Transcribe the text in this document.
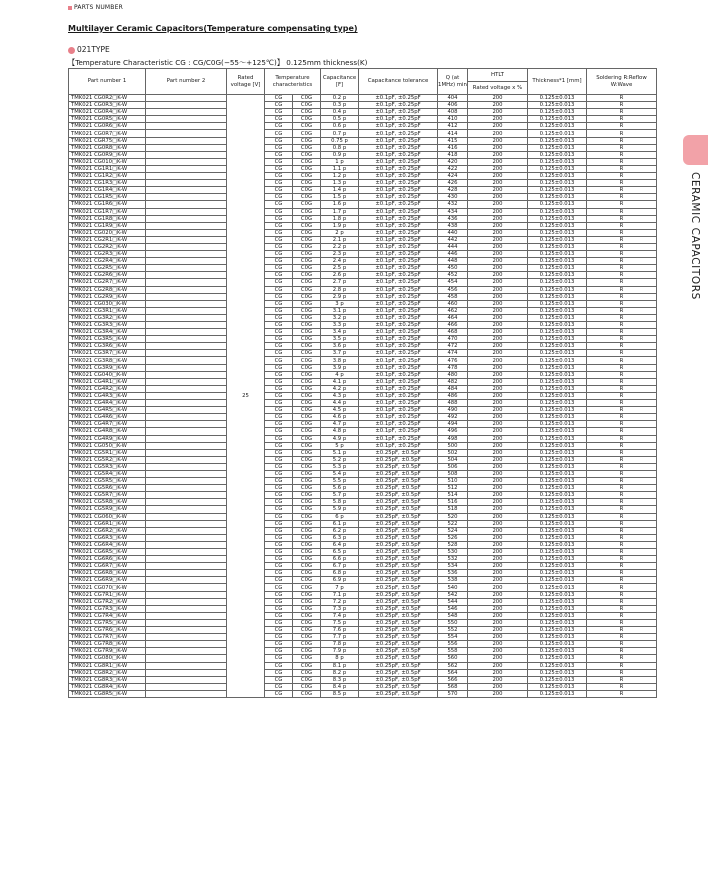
PARTS NUMBER
Multilayer Ceramic Capacitors(Temperature compensating type)
021TYPE
【Temperature Characteristic CG : CG/C0G(−55〜+125℃)】 0.125mm thickness(K)
CERAMIC CAPACITORS
Part number 1	Part number 2	Rated voltage [V]	Temperature characteristics		Capacitance [F]	Capacitance tolerance	Q (at 1MHz) min	HTLT	Thickness*1 [mm]	Soldering R:Reflow W:Wave
								Rated voltage x %		
TMK021 CG0R2□K-W		25	CG	C0G	0.2 p	±0.1pF, ±0.25pF	404	200	0.125±0.013	R
TMK021 CG0R3□K-W			CG	C0G	0.3 p	±0.1pF, ±0.25pF	406	200	0.125±0.013	R
TMK021 CG0R4□K-W			CG	C0G	0.4 p	±0.1pF, ±0.25pF	408	200	0.125±0.013	R
TMK021 CG0R5□K-W			CG	C0G	0.5 p	±0.1pF, ±0.25pF	410	200	0.125±0.013	R
TMK021 CG0R6□K-W			CG	C0G	0.6 p	±0.1pF, ±0.25pF	412	200	0.125±0.013	R
TMK021 CG0R7□K-W			CG	C0G	0.7 p	±0.1pF, ±0.25pF	414	200	0.125±0.013	R
TMK021 CGR75□K-W			CG	C0G	0.75 p	±0.1pF, ±0.25pF	415	200	0.125±0.013	R
TMK021 CG0R8□K-W			CG	C0G	0.8 p	±0.1pF, ±0.25pF	416	200	0.125±0.013	R
TMK021 CG0R9□K-W			CG	C0G	0.9 p	±0.1pF, ±0.25pF	418	200	0.125±0.013	R
TMK021 CG010□K-W			CG	C0G	1 p	±0.1pF, ±0.25pF	420	200	0.125±0.013	R
TMK021 CG1R1□K-W			CG	C0G	1.1 p	±0.1pF, ±0.25pF	422	200	0.125±0.013	R
TMK021 CG1R2□K-W			CG	C0G	1.2 p	±0.1pF, ±0.25pF	424	200	0.125±0.013	R
TMK021 CG1R3□K-W			CG	C0G	1.3 p	±0.1pF, ±0.25pF	426	200	0.125±0.013	R
TMK021 CG1R4□K-W			CG	C0G	1.4 p	±0.1pF, ±0.25pF	428	200	0.125±0.013	R
TMK021 CG1R5□K-W			CG	C0G	1.5 p	±0.1pF, ±0.25pF	430	200	0.125±0.013	R
TMK021 CG1R6□K-W			CG	C0G	1.6 p	±0.1pF, ±0.25pF	432	200	0.125±0.013	R
TMK021 CG1R7□K-W			CG	C0G	1.7 p	±0.1pF, ±0.25pF	434	200	0.125±0.013	R
TMK021 CG1R8□K-W			CG	C0G	1.8 p	±0.1pF, ±0.25pF	436	200	0.125±0.013	R
TMK021 CG1R9□K-W			CG	C0G	1.9 p	±0.1pF, ±0.25pF	438	200	0.125±0.013	R
TMK021 CG020□K-W			CG	C0G	2 p	±0.1pF, ±0.25pF	440	200	0.125±0.013	R
TMK021 CG2R1□K-W			CG	C0G	2.1 p	±0.1pF, ±0.25pF	442	200	0.125±0.013	R
TMK021 CG2R2□K-W			CG	C0G	2.2 p	±0.1pF, ±0.25pF	444	200	0.125±0.013	R
TMK021 CG2R3□K-W			CG	C0G	2.3 p	±0.1pF, ±0.25pF	446	200	0.125±0.013	R
TMK021 CG2R4□K-W			CG	C0G	2.4 p	±0.1pF, ±0.25pF	448	200	0.125±0.013	R
TMK021 CG2R5□K-W			CG	C0G	2.5 p	±0.1pF, ±0.25pF	450	200	0.125±0.013	R
TMK021 CG2R6□K-W			CG	C0G	2.6 p	±0.1pF, ±0.25pF	452	200	0.125±0.013	R
TMK021 CG2R7□K-W			CG	C0G	2.7 p	±0.1pF, ±0.25pF	454	200	0.125±0.013	R
TMK021 CG2R8□K-W			CG	C0G	2.8 p	±0.1pF, ±0.25pF	456	200	0.125±0.013	R
TMK021 CG2R9□K-W			CG	C0G	2.9 p	±0.1pF, ±0.25pF	458	200	0.125±0.013	R
TMK021 CG030□K-W			CG	C0G	3 p	±0.1pF, ±0.25pF	460	200	0.125±0.013	R
TMK021 CG3R1□K-W			CG	C0G	3.1 p	±0.1pF, ±0.25pF	462	200	0.125±0.013	R
TMK021 CG3R2□K-W			CG	C0G	3.2 p	±0.1pF, ±0.25pF	464	200	0.125±0.013	R
TMK021 CG3R3□K-W			CG	C0G	3.3 p	±0.1pF, ±0.25pF	466	200	0.125±0.013	R
TMK021 CG3R4□K-W			CG	C0G	3.4 p	±0.1pF, ±0.25pF	468	200	0.125±0.013	R
TMK021 CG3R5□K-W			CG	C0G	3.5 p	±0.1pF, ±0.25pF	470	200	0.125±0.013	R
TMK021 CG3R6□K-W			CG	C0G	3.6 p	±0.1pF, ±0.25pF	472	200	0.125±0.013	R
TMK021 CG3R7□K-W			CG	C0G	3.7 p	±0.1pF, ±0.25pF	474	200	0.125±0.013	R
TMK021 CG3R8□K-W			CG	C0G	3.8 p	±0.1pF, ±0.25pF	476	200	0.125±0.013	R
TMK021 CG3R9□K-W			CG	C0G	3.9 p	±0.1pF, ±0.25pF	478	200	0.125±0.013	R
TMK021 CG040□K-W			CG	C0G	4 p	±0.1pF, ±0.25pF	480	200	0.125±0.013	R
TMK021 CG4R1□K-W			CG	C0G	4.1 p	±0.1pF, ±0.25pF	482	200	0.125±0.013	R
TMK021 CG4R2□K-W			CG	C0G	4.2 p	±0.1pF, ±0.25pF	484	200	0.125±0.013	R
TMK021 CG4R3□K-W			CG	C0G	4.3 p	±0.1pF, ±0.25pF	486	200	0.125±0.013	R
TMK021 CG4R4□K-W			CG	C0G	4.4 p	±0.1pF, ±0.25pF	488	200	0.125±0.013	R
TMK021 CG4R5□K-W			CG	C0G	4.5 p	±0.1pF, ±0.25pF	490	200	0.125±0.013	R
TMK021 CG4R6□K-W			CG	C0G	4.6 p	±0.1pF, ±0.25pF	492	200	0.125±0.013	R
TMK021 CG4R7□K-W			CG	C0G	4.7 p	±0.1pF, ±0.25pF	494	200	0.125±0.013	R
TMK021 CG4R8□K-W			CG	C0G	4.8 p	±0.1pF, ±0.25pF	496	200	0.125±0.013	R
TMK021 CG4R9□K-W			CG	C0G	4.9 p	±0.1pF, ±0.25pF	498	200	0.125±0.013	R
TMK021 CG050□K-W			CG	C0G	5 p	±0.1pF, ±0.25pF	500	200	0.125±0.013	R
TMK021 CG5R1□K-W			CG	C0G	5.1 p	±0.25pF, ±0.5pF	502	200	0.125±0.013	R
TMK021 CG5R2□K-W			CG	C0G	5.2 p	±0.25pF, ±0.5pF	504	200	0.125±0.013	R
TMK021 CG5R3□K-W			CG	C0G	5.3 p	±0.25pF, ±0.5pF	506	200	0.125±0.013	R
TMK021 CG5R4□K-W			CG	C0G	5.4 p	±0.25pF, ±0.5pF	508	200	0.125±0.013	R
TMK021 CG5R5□K-W			CG	C0G	5.5 p	±0.25pF, ±0.5pF	510	200	0.125±0.013	R
TMK021 CG5R6□K-W			CG	C0G	5.6 p	±0.25pF, ±0.5pF	512	200	0.125±0.013	R
TMK021 CG5R7□K-W			CG	C0G	5.7 p	±0.25pF, ±0.5pF	514	200	0.125±0.013	R
TMK021 CG5R8□K-W			CG	C0G	5.8 p	±0.25pF, ±0.5pF	516	200	0.125±0.013	R
TMK021 CG5R9□K-W			CG	C0G	5.9 p	±0.25pF, ±0.5pF	518	200	0.125±0.013	R
TMK021 CG060□K-W			CG	C0G	6 p	±0.25pF, ±0.5pF	520	200	0.125±0.013	R
TMK021 CG6R1□K-W			CG	C0G	6.1 p	±0.25pF, ±0.5pF	522	200	0.125±0.013	R
TMK021 CG6R2□K-W			CG	C0G	6.2 p	±0.25pF, ±0.5pF	524	200	0.125±0.013	R
TMK021 CG6R3□K-W			CG	C0G	6.3 p	±0.25pF, ±0.5pF	526	200	0.125±0.013	R
TMK021 CG6R4□K-W			CG	C0G	6.4 p	±0.25pF, ±0.5pF	528	200	0.125±0.013	R
TMK021 CG6R5□K-W			CG	C0G	6.5 p	±0.25pF, ±0.5pF	530	200	0.125±0.013	R
TMK021 CG6R6□K-W			CG	C0G	6.6 p	±0.25pF, ±0.5pF	532	200	0.125±0.013	R
TMK021 CG6R7□K-W			CG	C0G	6.7 p	±0.25pF, ±0.5pF	534	200	0.125±0.013	R
TMK021 CG6R8□K-W			CG	C0G	6.8 p	±0.25pF, ±0.5pF	536	200	0.125±0.013	R
TMK021 CG6R9□K-W			CG	C0G	6.9 p	±0.25pF, ±0.5pF	538	200	0.125±0.013	R
TMK021 CG070□K-W			CG	C0G	7 p	±0.25pF, ±0.5pF	540	200	0.125±0.013	R
TMK021 CG7R1□K-W			CG	C0G	7.1 p	±0.25pF, ±0.5pF	542	200	0.125±0.013	R
TMK021 CG7R2□K-W			CG	C0G	7.2 p	±0.25pF, ±0.5pF	544	200	0.125±0.013	R
TMK021 CG7R3□K-W			CG	C0G	7.3 p	±0.25pF, ±0.5pF	546	200	0.125±0.013	R
TMK021 CG7R4□K-W			CG	C0G	7.4 p	±0.25pF, ±0.5pF	548	200	0.125±0.013	R
TMK021 CG7R5□K-W			CG	C0G	7.5 p	±0.25pF, ±0.5pF	550	200	0.125±0.013	R
TMK021 CG7R6□K-W			CG	C0G	7.6 p	±0.25pF, ±0.5pF	552	200	0.125±0.013	R
TMK021 CG7R7□K-W			CG	C0G	7.7 p	±0.25pF, ±0.5pF	554	200	0.125±0.013	R
TMK021 CG7R8□K-W			CG	C0G	7.8 p	±0.25pF, ±0.5pF	556	200	0.125±0.013	R
TMK021 CG7R9□K-W			CG	C0G	7.9 p	±0.25pF, ±0.5pF	558	200	0.125±0.013	R
TMK021 CG080□K-W			CG	C0G	8 p	±0.25pF, ±0.5pF	560	200	0.125±0.013	R
TMK021 CG8R1□K-W			CG	C0G	8.1 p	±0.25pF, ±0.5pF	562	200	0.125±0.013	R
TMK021 CG8R2□K-W			CG	C0G	8.2 p	±0.25pF, ±0.5pF	564	200	0.125±0.013	R
TMK021 CG8R3□K-W			CG	C0G	8.3 p	±0.25pF, ±0.5pF	566	200	0.125±0.013	R
TMK021 CG8R4□K-W			CG	C0G	8.4 p	±0.25pF, ±0.5pF	568	200	0.125±0.013	R
TMK021 CG8R5□K-W			CG	C0G	8.5 p	±0.25pF, ±0.5pF	570	200	0.125±0.013	R
